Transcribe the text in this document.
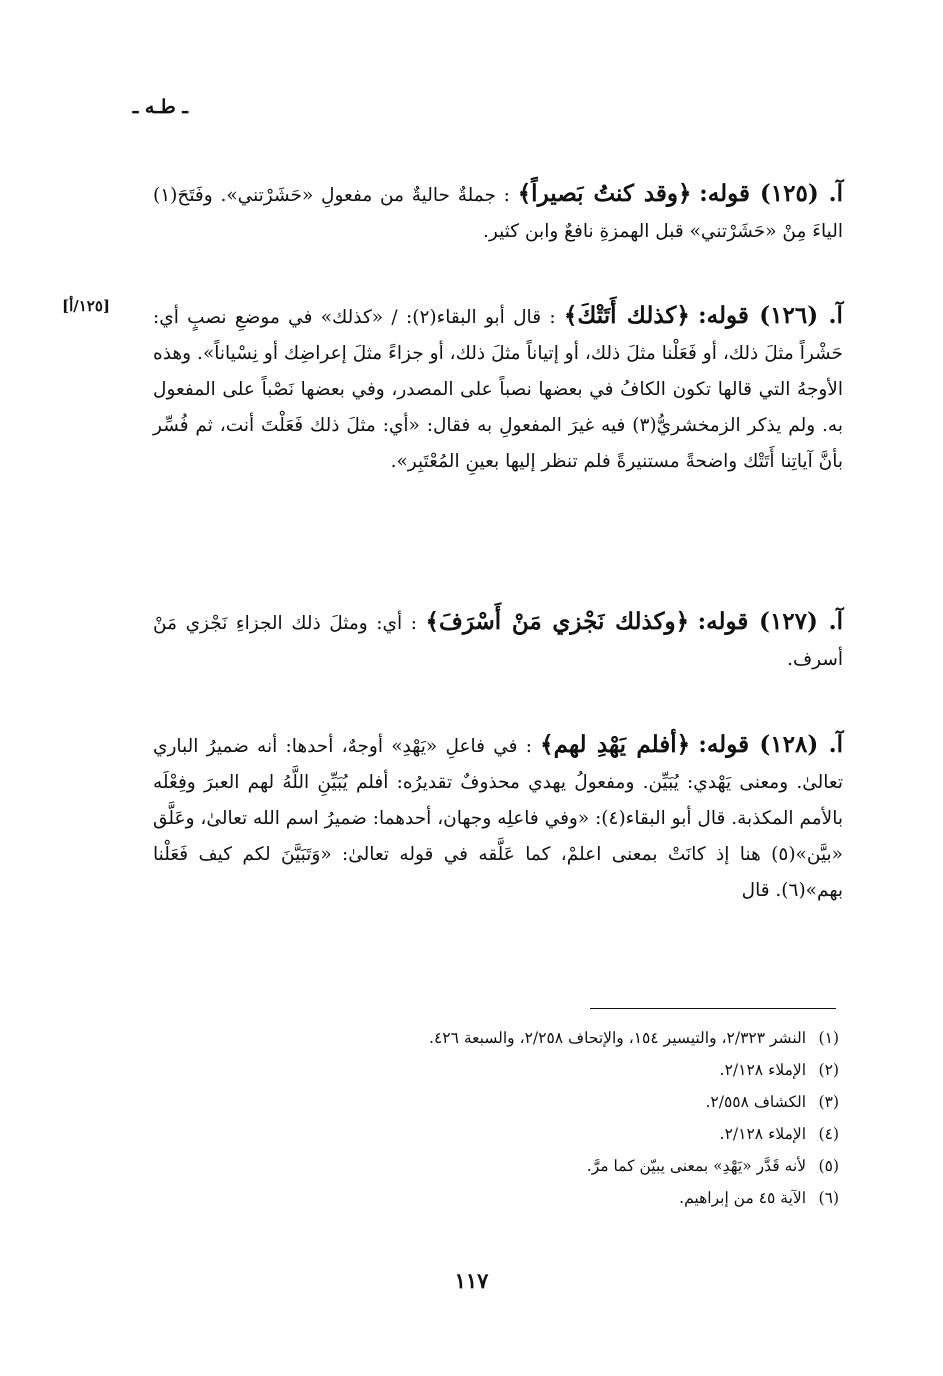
ـ طـه ـ
[١٢٥/أ]
آ. (١٢٥) قوله: ﴿وقد كنتُ بَصيراً﴾ : جملةٌ حاليةٌ من مفعولِ «حَشَرْتني». وفَتَحَ(١) الياءَ مِنْ «حَشَرْتني» قبل الهمزةِ نافعٌ وابن كثير.
آ. (١٢٦) قوله: ﴿كذلك أَتَتْكَ﴾ : قال أبو البقاء(٢): / «كذلك» في موضعِ نصبٍ أي: حَشْراً مثلَ ذلك، أو فَعَلْنا مثلَ ذلك، أو إتياناً مثلَ ذلك، أو جزاءً مثلَ إعراضِك أو نِسْياناً». وهذه الأوجهُ التي قالها تكون الكافُ في بعضها نصباً على المصدر، وفي بعضها نَصْباً على المفعول به. ولم يذكر الزمخشريُّ(٣) فيه غيرَ المفعولِ به فقال: «أي: مثلَ ذلك فَعَلْتَ أنت، ثم فُسِّر بأنَّ آياتِنا أَتَتْك واضحةً مستنيرةً فلم تنظر إليها بعينِ المُعْتَبِر».
آ. (١٢٧) قوله: ﴿وكذلك نَجْزي مَنْ أَسْرَفَ﴾ : أي: ومثلَ ذلك الجزاءِ نَجْزي مَنْ أسرف.
آ. (١٢٨) قوله: ﴿أفلم يَهْدِ لهم﴾ : في فاعلِ «يَهْدِ» أوجهٌ، أحدها: أنه ضميرُ الباري تعالىٰ. ومعنى يَهْدي: يُبَيِّن. ومفعولُ يهدي محذوفٌ تقديرُه: أفلم يُبَيِّنِ اللَّهُ لهم العبرَ وفِعْلَه بالأمم المكذبة. قال أبو البقاء(٤): «وفي فاعلِه وجهان، أحدهما: ضميرُ اسم الله تعالىٰ، وعَلَّق «بيَّن»(٥) هنا إذ كانَتْ بمعنى اعلمْ، كما عَلَّقه في قوله تعالىٰ: «وَتَبَيَّنَ لكم كيف فَعَلْنا بهم»(٦). قال
(١) النشر ٢/٣٢٣، والتيسير ١٥٤، والإتحاف ٢/٢٥٨، والسبعة ٤٢٦.
(٢) الإملاء ٢/١٢٨.
(٣) الكشاف ٢/٥٥٨.
(٤) الإملاء ٢/١٢٨.
(٥) لأنه قَدَّر «يَهْدِ» بمعنى يبيّن كما مرَّ.
(٦) الآية ٤٥ من إبراهيم.
١١٧
